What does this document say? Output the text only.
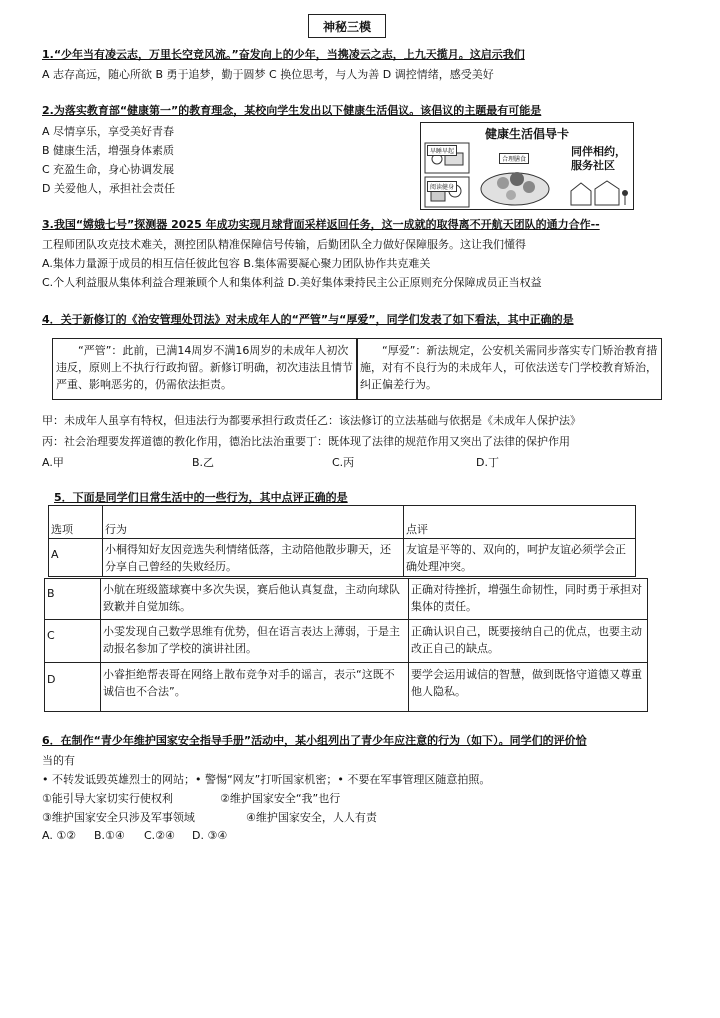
神秘三模
1.“少年当有凌云志，万里长空竞风流。”奋发向上的少年，当携凌云之志，上九天揽月。这启示我们
A 志存高远，随心所欲 B 勇于追梦，勤于圆梦 C 换位思考，与人为善 D 调控情绪，感受美好
2.为落实教育部“健康第一”的教育理念，某校向学生发出以下健康生活倡议。该倡议的主题最有可能是
A 尽情享乐，享受美好青春
B 健康生活，增强身体素质
C 充盈生命，身心协调发展
D 关爱他人，承担社会责任
健康生活倡导卡
早睡早起
合理膳食
阅读健身
同伴相约，服务社区
3.我国“嫦娥七号”探测器 2025 年成功实现月球背面采样返回任务，这一成就的取得离不开航天团队的通力合作--
工程师团队攻克技术难关，测控团队精准保障信号传输，后勤团队全力做好保障服务。这让我们懂得
A.集体力量源于成员的相互信任彼此包容 B.集体需要凝心聚力团队协作共克难关
C.个人利益服从集体利益合理兼顾个人和集体利益 D.美好集体秉持民主公正原则充分保障成员正当权益
4．关于新修订的《治安管理处罚法》对未成年人的“严管”与“厚爱”，同学们发表了如下看法，其中正确的是
“严管”：此前，已满14周岁不满16周岁的未成年人初次违反，原则上不执行行政拘留。新修订明确，初次违法且情节严重、影响恶劣的，仍需依法拒责。
“厚爱”：新法规定，公安机关需同步落实专门矫治教育措施，对有不良行为的未成年人，可依法送专门学校教育矫治，纠正偏差行为。
甲：未成年人虽享有特权，但违法行为都要承担行政责任乙：该法修订的立法基础与依据是《未成年人保护法》
丙：社会治理要发挥道德的教化作用，德治比法治重要丁：既体现了法律的规范作用又突出了法律的保护作用
A.甲	B.乙	C.丙	D.丁
5．下面是同学们日常生活中的一些行为，其中点评正确的是
选项	行为	点评
A	小桐得知好友因竞选失利情绪低落，主动陪他散步聊天，还分享自己曾经的失败经历。
友谊是平等的、双向的，呵护友谊必须学会正确处理冲突。
B	小航在班级篮球赛中多次失误，赛后他认真复盘，主动向球队致歉并自觉加练。
正确对待挫折，增强生命韧性，同时勇于承担对集体的责任。
C	小雯发现自己数学思维有优势，但在语言表达上薄弱，于是主动报名参加了学校的演讲社团。
正确认识自己，既要接纳自己的优点，也要主动改正自己的缺点。
D	小睿拒绝帮表哥在网络上散布竞争对手的谣言，表示“这既不诚信也不合法”。
要学会运用诚信的智慧，做到既恪守道德又尊重他人隐私。
6．在制作“青少年维护国家安全指导手册”活动中，某小组列出了青少年应注意的行为（如下）。同学们的评价恰
当的有
• 不转发诋毁英雄烈士的网站；• 警惕“网友”打听国家机密；• 不要在军事管理区随意拍照。
①能引导大家切实行使权利	②维护国家安全“我”也行
③维护国家安全只涉及军事领域	④维护国家安全，人人有责
A. ①② B.①④ C.②④ D. ③④
